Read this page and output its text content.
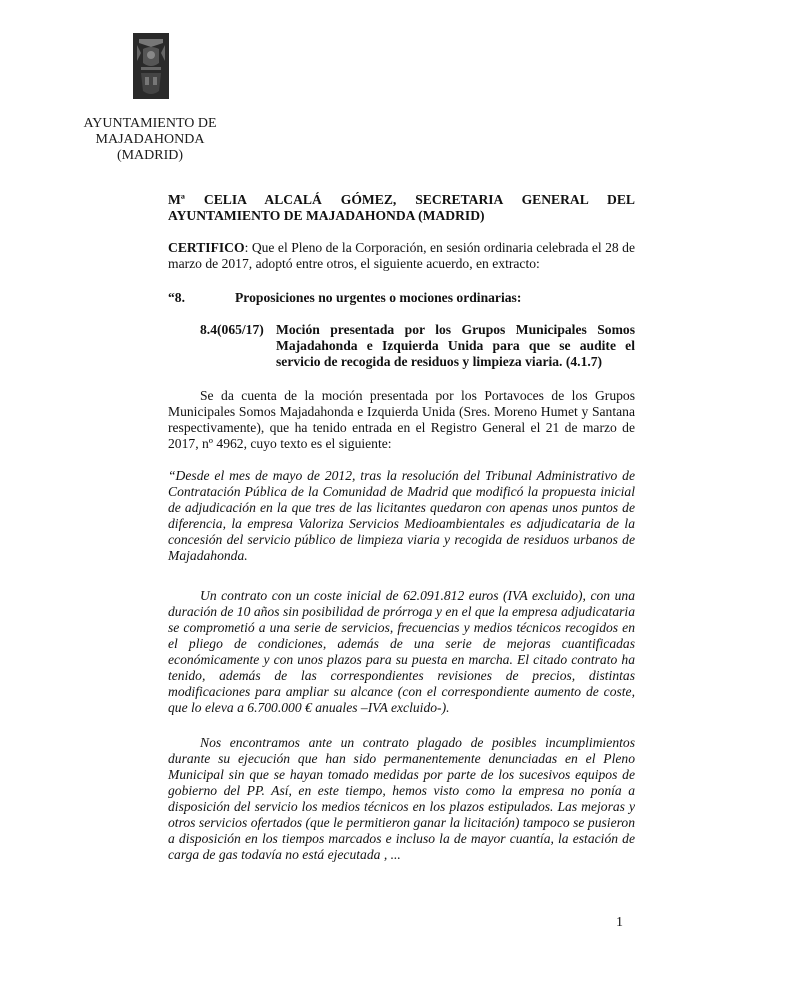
AYUNTAMIENTO DE
MAJADAHONDA
(MADRID)
Mª CELIA ALCALÁ GÓMEZ, SECRETARIA GENERAL DEL AYUNTAMIENTO DE MAJADAHONDA (MADRID)
CERTIFICO: Que el Pleno de la Corporación, en sesión ordinaria celebrada el 28 de marzo de 2017, adoptó entre otros, el siguiente acuerdo, en extracto:
“8.	Proposiciones no urgentes o mociones ordinarias:
8.4(065/17) Moción presentada por los Grupos Municipales Somos Majadahonda e Izquierda Unida para que se audite el servicio de recogida de residuos y limpieza viaria. (4.1.7)
Se da cuenta de la moción presentada por los Portavoces de los Grupos Municipales Somos Majadahonda e Izquierda Unida (Sres. Moreno Humet y Santana respectivamente), que ha tenido entrada en el Registro General el 21 de marzo de 2017, nº 4962, cuyo texto es el siguiente:
“Desde el mes de mayo de 2012, tras la resolución del Tribunal Administrativo de Contratación Pública de la Comunidad de Madrid que modificó la propuesta inicial de adjudicación en la que tres de las licitantes quedaron con apenas unos puntos de diferencia, la empresa Valoriza Servicios Medioambientales es adjudicataria de la concesión del servicio público de limpieza viaria y recogida de residuos urbanos de Majadahonda.
Un contrato con un coste inicial de 62.091.812 euros (IVA excluido), con una duración de 10 años sin posibilidad de prórroga y en el que la empresa adjudicataria se comprometió a una serie de servicios, frecuencias y medios técnicos recogidos en el pliego de condiciones, además de una serie de mejoras cuantificadas económicamente y con unos plazos para su puesta en marcha. El citado contrato ha tenido, además de las correspondientes revisiones de precios, distintas modificaciones para ampliar su alcance (con el correspondiente aumento de coste, que lo eleva a 6.700.000 € anuales –IVA excluido-).
Nos encontramos ante un contrato plagado de posibles incumplimientos durante su ejecución que han sido permanentemente denunciadas en el Pleno Municipal sin que se hayan tomado medidas por parte de los sucesivos equipos de gobierno del PP. Así, en este tiempo, hemos visto como la empresa no ponía a disposición del servicio los medios técnicos en los plazos estipulados. Las mejoras y otros servicios ofertados (que le permitieron ganar la licitación) tampoco se pusieron a disposición en los tiempos marcados e incluso la de mayor cuantía, la estación de carga de gas todavía no está ejecutada , ...
1
